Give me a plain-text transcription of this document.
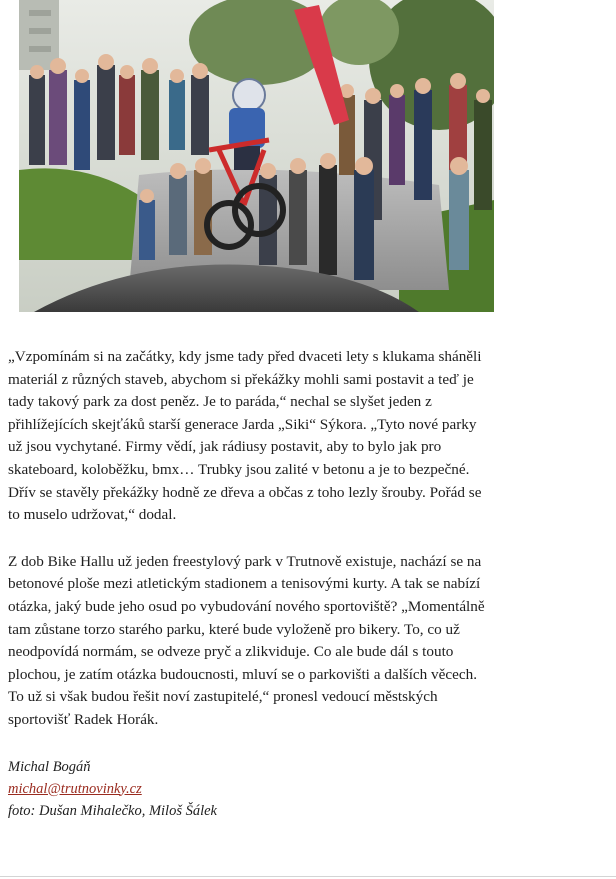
„Vzpomínám si na začátky, kdy jsme tady před dvaceti lety s klukama sháněli materiál z různých staveb, abychom si překážky mohli sami postavit a teď je tady takový park za dost peněz. Je to paráda,“ nechal se slyšet jeden z přihlížejících skejťáků starší generace Jarda „Siki“ Sýkora. „Tyto nové parky už jsou vychytané. Firmy vědí, jak rádiusy postavit, aby to bylo jak pro skateboard, koloběžku, bmx… Trubky jsou zalité v betonu a je to bezpečné. Dřív se stavěly překážky hodně ze dřeva a občas z toho lezly šrouby. Pořád se to muselo udržovat,“ dodal.

Z dob Bike Hallu už jeden freestylový park v Trutnově existuje, nachází se na betonové ploše mezi atletickým stadionem a tenisovými kurty. A tak se nabízí otázka, jaký bude jeho osud po vybudování nového sportoviště? „Momentálně tam zůstane torzo starého parku, které bude vyloženě pro bikery. To, co už neodpovídá normám, se odveze pryč a zlikviduje. Co ale bude dál s touto plochou, je zatím otázka budoucnosti, mluví se o parkovišti a dalších věcech. To už si však budou řešit noví zastupitelé,“ pronesl vedoucí městských sportovišť Radek Horák.

Michal Bogáň
michal@trutnovinky.cz
foto: Dušan Mihalečko, Miloš Šálek
